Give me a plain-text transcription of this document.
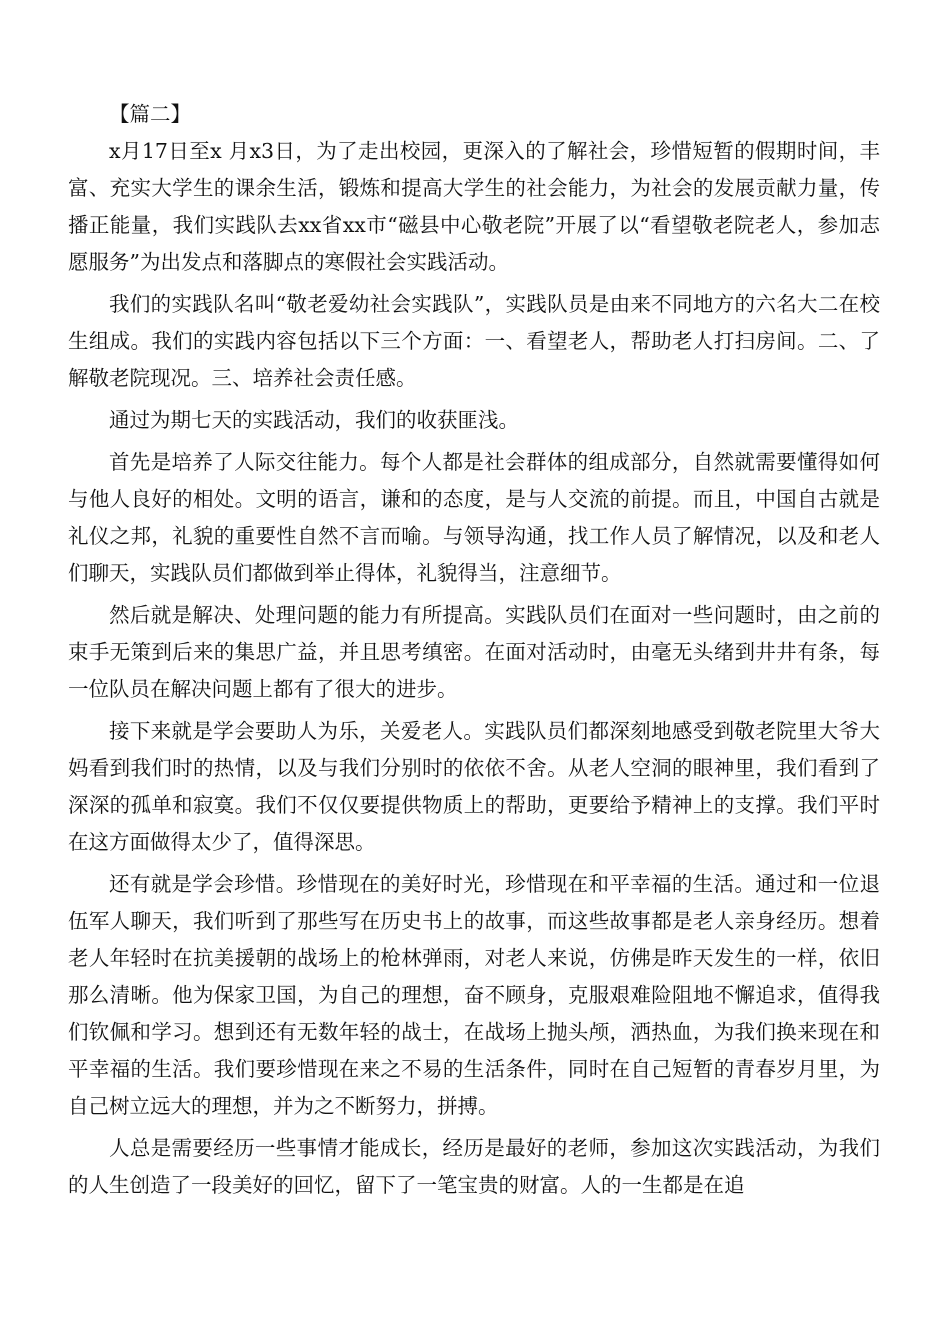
【篇二】

x月17日至x 月x3日，为了走出校园，更深入的了解社会，珍惜短暂的假期时间，丰富、充实大学生的课余生活，锻炼和提高大学生的社会能力，为社会的发展贡献力量，传播正能量，我们实践队去xx省xx市“磁县中心敬老院”开展了以“看望敬老院老人，参加志愿服务”为出发点和落脚点的寒假社会实践活动。

我们的实践队名叫“敬老爱幼社会实践队”，实践队员是由来不同地方的六名大二在校生组成。我们的实践内容包括以下三个方面：一、看望老人，帮助老人打扫房间。二、了解敬老院现况。三、培养社会责任感。

通过为期七天的实践活动，我们的收获匪浅。

首先是培养了人际交往能力。每个人都是社会群体的组成部分，自然就需要懂得如何与他人良好的相处。文明的语言，谦和的态度，是与人交流的前提。而且，中国自古就是礼仪之邦，礼貌的重要性自然不言而喻。与领导沟通，找工作人员了解情况，以及和老人们聊天，实践队员们都做到举止得体，礼貌得当，注意细节。

然后就是解决、处理问题的能力有所提高。实践队员们在面对一些问题时，由之前的束手无策到后来的集思广益，并且思考缜密。在面对活动时，由毫无头绪到井井有条，每一位队员在解决问题上都有了很大的进步。

接下来就是学会要助人为乐，关爱老人。实践队员们都深刻地感受到敬老院里大爷大妈看到我们时的热情，以及与我们分别时的依依不舍。从老人空洞的眼神里，我们看到了深深的孤单和寂寞。我们不仅仅要提供物质上的帮助，更要给予精神上的支撑。我们平时在这方面做得太少了，值得深思。

还有就是学会珍惜。珍惜现在的美好时光，珍惜现在和平幸福的生活。通过和一位退伍军人聊天，我们听到了那些写在历史书上的故事，而这些故事都是老人亲身经历。想着老人年轻时在抗美援朝的战场上的枪林弹雨，对老人来说，仿佛是昨天发生的一样，依旧那么清晰。他为保家卫国，为自己的理想，奋不顾身，克服艰难险阻地不懈追求，值得我们钦佩和学习。想到还有无数年轻的战士，在战场上抛头颅，洒热血，为我们换来现在和平幸福的生活。我们要珍惜现在来之不易的生活条件，同时在自己短暂的青春岁月里，为自己树立远大的理想，并为之不断努力，拼搏。

人总是需要经历一些事情才能成长，经历是最好的老师，参加这次实践活动，为我们的人生创造了一段美好的回忆，留下了一笔宝贵的财富。人的一生都是在追
